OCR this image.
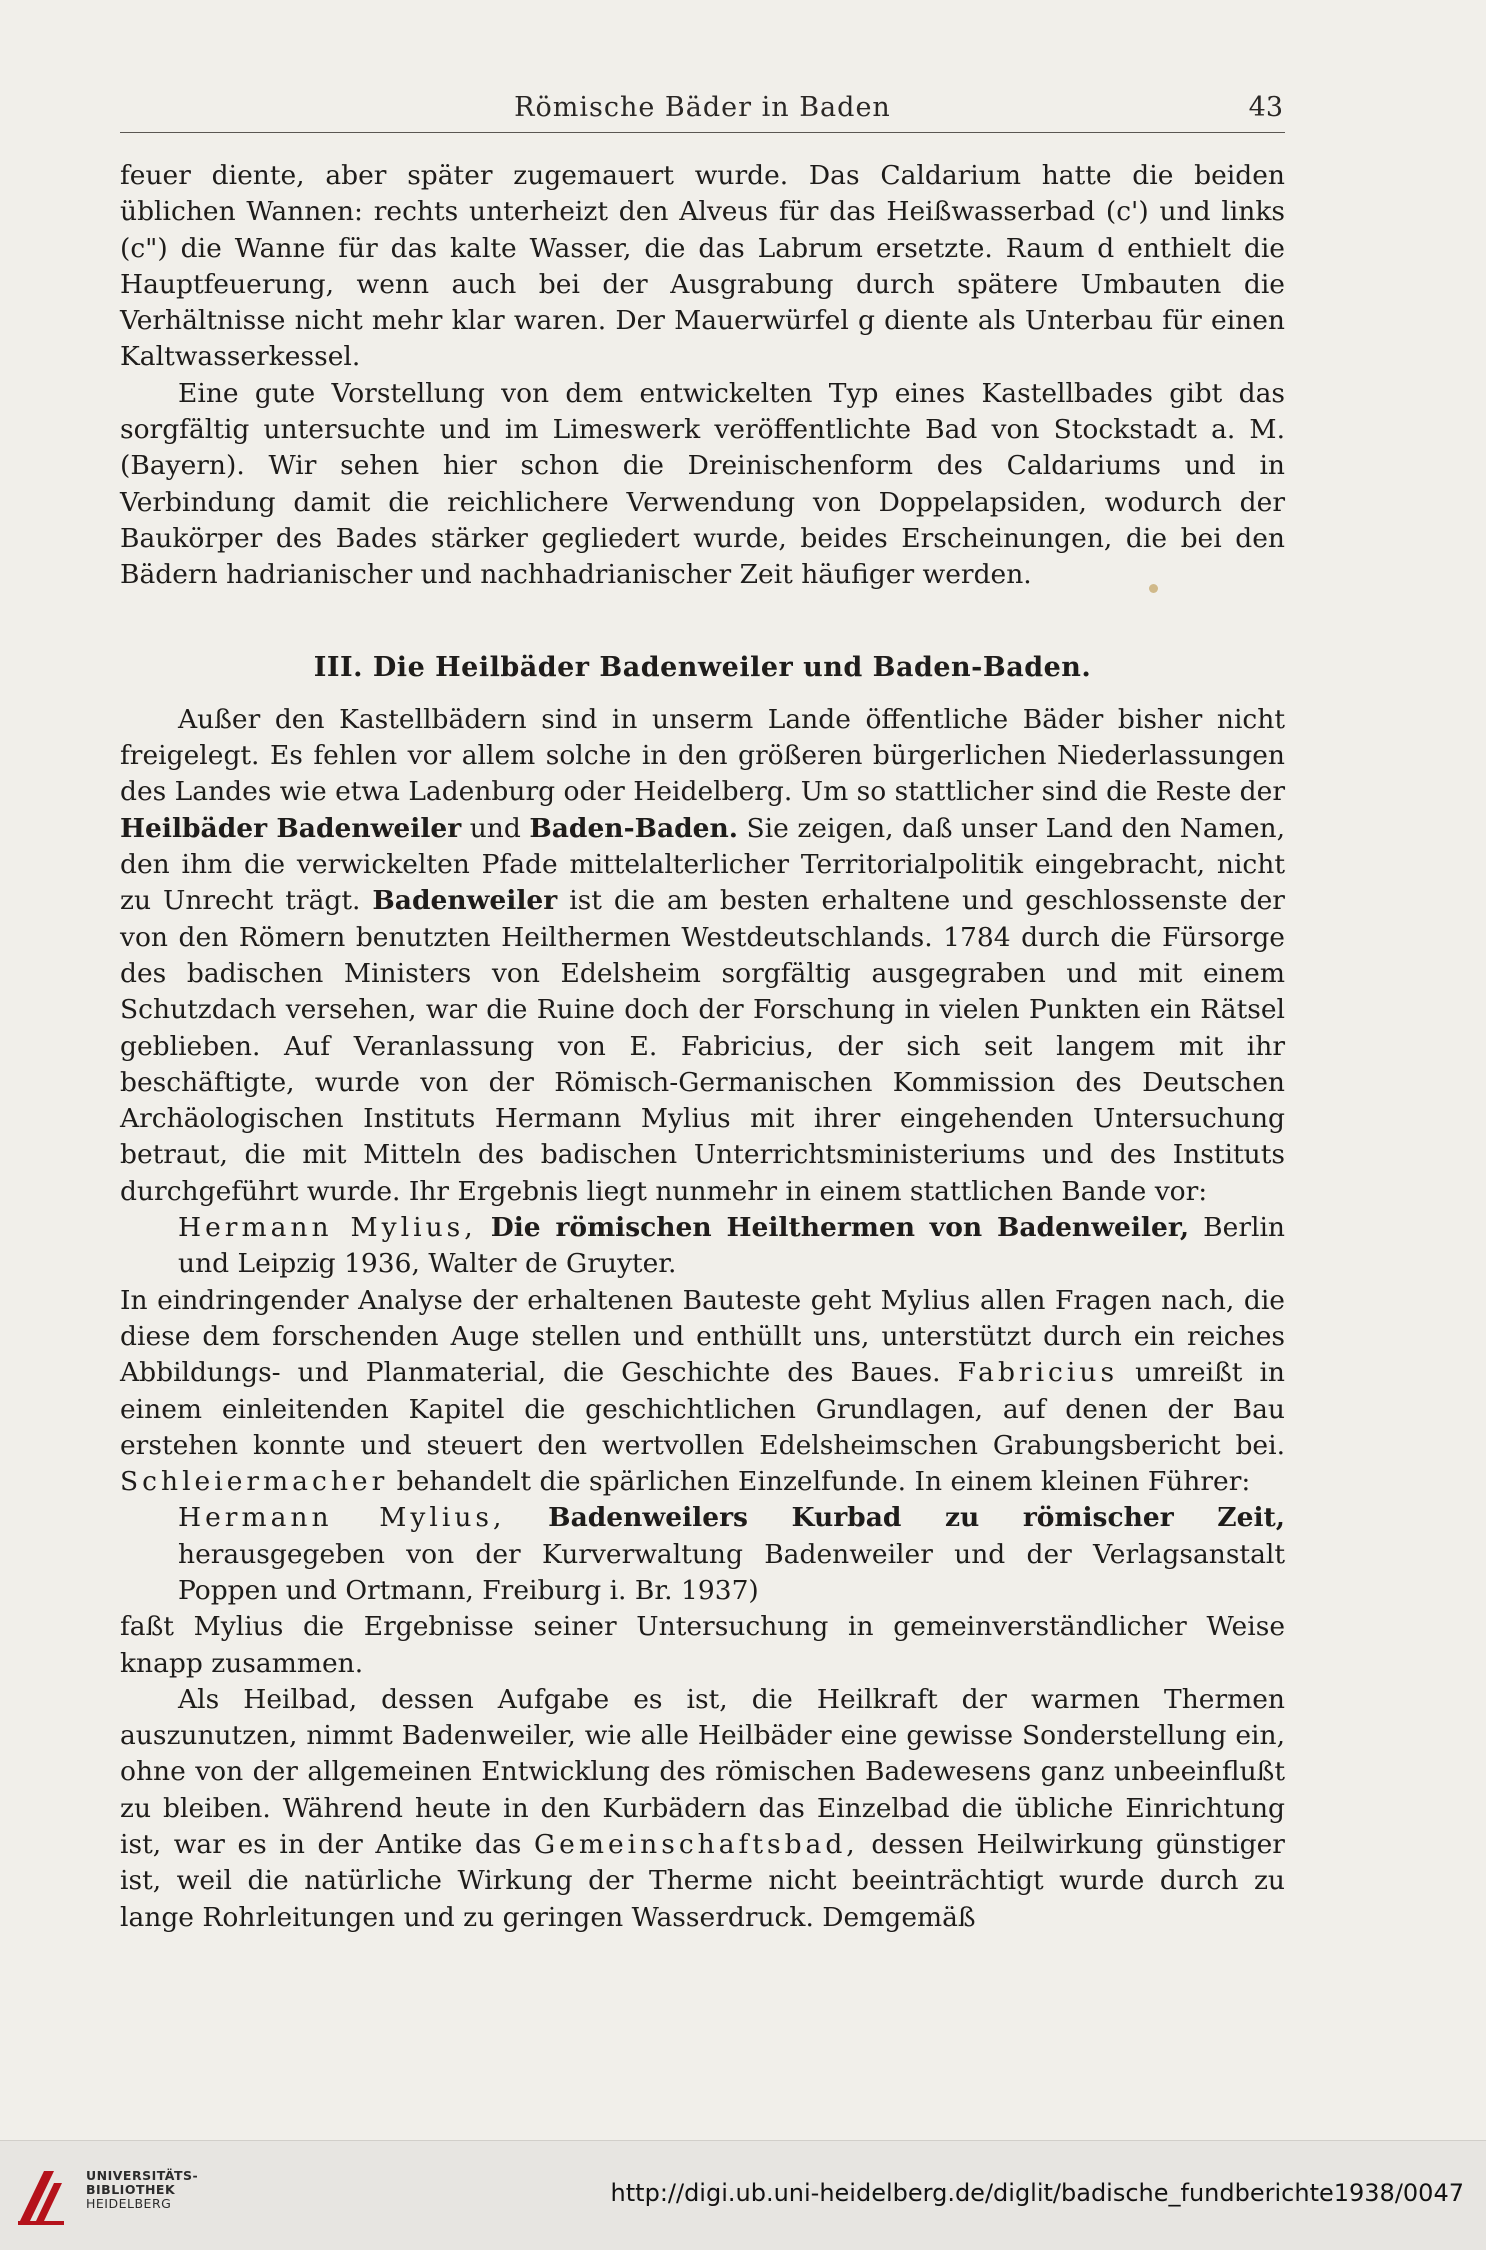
Römische Bäder in Baden	43

feuer diente, aber später zugemauert wurde. Das Caldarium hatte die beiden üblichen Wannen: rechts unterheizt den Alveus für das Heißwasserbad (c') und links (c") die Wanne für das kalte Wasser, die das Labrum ersetzte. Raum d enthielt die Hauptfeuerung, wenn auch bei der Ausgrabung durch spätere Umbauten die Verhältnisse nicht mehr klar waren. Der Mauerwürfel g diente als Unterbau für einen Kaltwasserkessel.

Eine gute Vorstellung von dem entwickelten Typ eines Kastellbades gibt das sorgfältig untersuchte und im Limeswerk veröffentlichte Bad von Stockstadt a. M. (Bayern). Wir sehen hier schon die Dreinischenform des Caldariums und in Verbindung damit die reichlichere Verwendung von Doppelapsiden, wodurch der Baukörper des Bades stärker gegliedert wurde, beides Erscheinungen, die bei den Bädern hadrianischer und nachhadrianischer Zeit häufiger werden.

III. Die Heilbäder Badenweiler und Baden-Baden.

Außer den Kastellbädern sind in unserm Lande öffentliche Bäder bisher nicht freigelegt. Es fehlen vor allem solche in den größeren bürgerlichen Niederlassungen des Landes wie etwa Ladenburg oder Heidelberg. Um so stattlicher sind die Reste der Heilbäder Badenweiler und Baden-Baden. Sie zeigen, daß unser Land den Namen, den ihm die verwickelten Pfade mittelalterlicher Territorialpolitik eingebracht, nicht zu Unrecht trägt. Badenweiler ist die am besten erhaltene und geschlossenste der von den Römern benutzten Heilthermen Westdeutschlands. 1784 durch die Fürsorge des badischen Ministers von Edelsheim sorgfältig ausgegraben und mit einem Schutzdach versehen, war die Ruine doch der Forschung in vielen Punkten ein Rätsel geblieben. Auf Veranlassung von E. Fabricius, der sich seit langem mit ihr beschäftigte, wurde von der Römisch-Germanischen Kommission des Deutschen Archäologischen Instituts Hermann Mylius mit ihrer eingehenden Untersuchung betraut, die mit Mitteln des badischen Unterrichtsministeriums und des Instituts durchgeführt wurde. Ihr Ergebnis liegt nunmehr in einem stattlichen Bande vor:

Hermann Mylius, Die römischen Heilthermen von Badenweiler, Berlin und Leipzig 1936, Walter de Gruyter.

In eindringender Analyse der erhaltenen Bauteste geht Mylius allen Fragen nach, die diese dem forschenden Auge stellen und enthüllt uns, unterstützt durch ein reiches Abbildungs- und Planmaterial, die Geschichte des Baues. Fabricius umreißt in einem einleitenden Kapitel die geschichtlichen Grundlagen, auf denen der Bau erstehen konnte und steuert den wertvollen Edelsheimschen Grabungsbericht bei. Schleiermacher behandelt die spärlichen Einzelfunde. In einem kleinen Führer:

Hermann Mylius, Badenweilers Kurbad zu römischer Zeit, herausgegeben von der Kurverwaltung Badenweiler und der Verlagsanstalt Poppen und Ortmann, Freiburg i. Br. 1937)

faßt Mylius die Ergebnisse seiner Untersuchung in gemeinverständlicher Weise knapp zusammen.

Als Heilbad, dessen Aufgabe es ist, die Heilkraft der warmen Thermen auszunutzen, nimmt Badenweiler, wie alle Heilbäder eine gewisse Sonderstellung ein, ohne von der allgemeinen Entwicklung des römischen Badewesens ganz unbeeinflußt zu bleiben. Während heute in den Kurbädern das Einzelbad die übliche Einrichtung ist, war es in der Antike das Gemeinschaftsbad, dessen Heilwirkung günstiger ist, weil die natürliche Wirkung der Therme nicht beeinträchtigt wurde durch zu lange Rohrleitungen und zu geringen Wasserdruck. Demgemäß

UNIVERSITÄTS-
BIBLIOTHEK
HEIDELBERG	http://digi.ub.uni-heidelberg.de/diglit/badische_fundberichte1938/0047
